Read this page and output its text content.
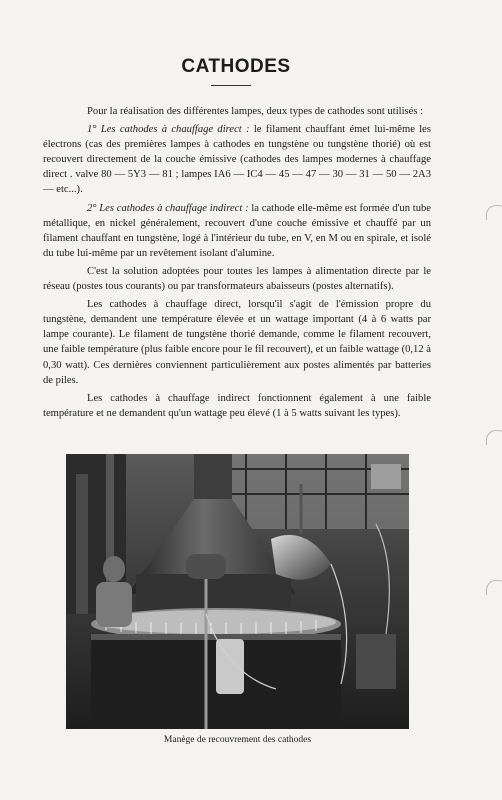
CATHODES

Pour la réalisation des différentes lampes, deux types de cathodes sont utilisés :

1° Les cathodes à chauffage direct : le filament chauffant émet lui-même les électrons (cas des premières lampes à cathodes en tungstène ou tungstène thorié) où est recouvert directement de la couche émissive (cathodes des lampes modernes à chauffage direct . valve 80 — 5Y3 — 81 ; lampes IA6 — IC4 — 45 — 47 — 30 — 31 — 50 — 2A3 — etc...).

2° Les cathodes à chauffage indirect : la cathode elle-même est formée d'un tube métallique, en nickel généralement, recouvert d'une couche émissive et chauffé par un filament chauffant en tungstène, logé à l'intérieur du tube, en V, en M ou en spirale, et isolé du tube lui-même par un revêtement isolant d'alumine.

C'est la solution adoptées pour toutes les lampes à alimentation directe par le réseau (postes tous courants) ou par transformateurs abaisseurs (postes alternatifs).

Les cathodes à chauffage direct, lorsqu'il s'agit de l'émission propre du tungstène, demandent une température élevée et un wattage important (4 à 6 watts par lampe courante). Le filament de tungstène thorié demande, comme le filament recouvert, une faible température (plus faible encore pour le fil recouvert), et un faible wattage (0,12 à 0,30 watt). Ces dernières conviennent particulièrement aux postes alimentés par batteries de piles.

Les cathodes à chauffage indirect fonctionnent également à une faible température et ne demandent qu'un wattage peu élevé (1 à 5 watts suivant les types).

Manège de recouvrement des cathodes
